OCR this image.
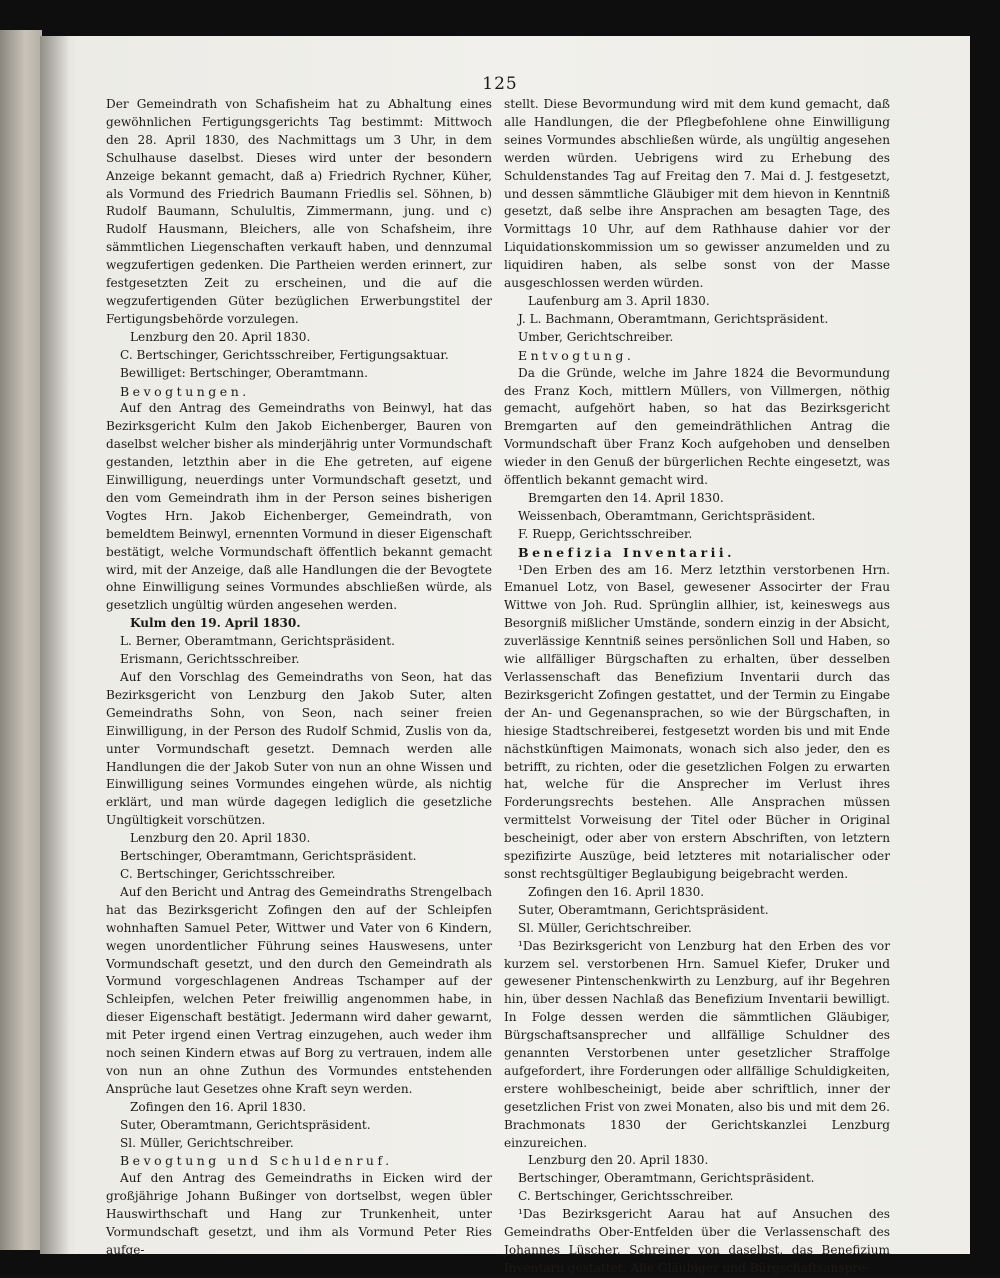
125

Der Gemeindrath von Schafisheim hat zu Abhaltung eines gewöhnlichen Fertigungsgerichts Tag bestimmt: Mittwoch den 28. April 1830, des Nachmittags um 3 Uhr, in dem Schulhause daselbst. Dieses wird unter der besondern Anzeige bekannt gemacht, daß a) Friedrich Rychner, Küher, als Vormund des Friedrich Baumann Friedlis sel. Söhnen, b) Rudolf Baumann, Schulultis, Zimmermann, jung. und c) Rudolf Hausmann, Bleichers, alle von Schafsheim, ihre sämmtlichen Liegenschaften verkauft haben, und dennzumal wegzufertigen gedenken. Die Partheien werden erinnert, zur festgesetzten Zeit zu erscheinen, und die auf die wegzufertigenden Güter bezüglichen Erwerbungstitel der Fertigungsbehörde vorzulegen.

Lenzburg den 20. April 1830.

C. Bertschinger, Gerichtsschreiber, Fertigungsaktuar.

Bewilliget: Bertschinger, Oberamtmann.

Bevogtungen.

Auf den Antrag des Gemeindraths von Beinwyl, hat das Bezirksgericht Kulm den Jakob Eichenberger, Bauren von daselbst welcher bisher als minderjährig unter Vormundschaft gestanden, letzthin aber in die Ehe getreten, auf eigene Einwilligung, neuerdings unter Vormundschaft gesetzt, und den vom Gemeindrath ihm in der Person seines bisherigen Vogtes Hrn. Jakob Eichenberger, Gemeindrath, von bemeldtem Beinwyl, ernennten Vormund in dieser Eigenschaft bestätigt, welche Vormundschaft öffentlich bekannt gemacht wird, mit der Anzeige, daß alle Handlungen die der Bevogtete ohne Einwilligung seines Vormundes abschließen würde, als gesetzlich ungültig würden angesehen werden.

Kulm den 19. April 1830.

L. Berner, Oberamtmann, Gerichtspräsident.

Erismann, Gerichtsschreiber.

Auf den Vorschlag des Gemeindraths von Seon, hat das Bezirksgericht von Lenzburg den Jakob Suter, alten Gemeindraths Sohn, von Seon, nach seiner freien Einwilligung, in der Person des Rudolf Schmid, Zuslis von da, unter Vormundschaft gesetzt. Demnach werden alle Handlungen die der Jakob Suter von nun an ohne Wissen und Einwilligung seines Vormundes eingehen würde, als nichtig erklärt, und man würde dagegen lediglich die gesetzliche Ungültigkeit vorschützen.

Lenzburg den 20. April 1830.

Bertschinger, Oberamtmann, Gerichtspräsident.

C. Bertschinger, Gerichtsschreiber.

Auf den Bericht und Antrag des Gemeindraths Strengelbach hat das Bezirksgericht Zofingen den auf der Schleipfen wohnhaften Samuel Peter, Wittwer und Vater von 6 Kindern, wegen unordentlicher Führung seines Hauswesens, unter Vormundschaft gesetzt, und den durch den Gemeindrath als Vormund vorgeschlagenen Andreas Tschamper auf der Schleipfen, welchen Peter freiwillig angenommen habe, in dieser Eigenschaft bestätigt. Jedermann wird daher gewarnt, mit Peter irgend einen Vertrag einzugehen, auch weder ihm noch seinen Kindern etwas auf Borg zu vertrauen, indem alle von nun an ohne Zuthun des Vormundes entstehenden Ansprüche laut Gesetzes ohne Kraft seyn werden.

Zofingen den 16. April 1830.

Suter, Oberamtmann, Gerichtspräsident.

Sl. Müller, Gerichtschreiber.

Bevogtung und Schuldenruf.

Auf den Antrag des Gemeindraths in Eicken wird der großjährige Johann Bußinger von dortselbst, wegen übler Hauswirthschaft und Hang zur Trunkenheit, unter Vormundschaft gesetzt, und ihm als Vormund Peter Ries aufge-

stellt. Diese Bevormundung wird mit dem kund gemacht, daß alle Handlungen, die der Pflegbefohlene ohne Einwilligung seines Vormundes abschließen würde, als ungültig angesehen werden würden. Uebrigens wird zu Erhebung des Schuldenstandes Tag auf Freitag den 7. Mai d. J. festgesetzt, und dessen sämmtliche Gläubiger mit dem hievon in Kenntniß gesetzt, daß selbe ihre Ansprachen am besagten Tage, des Vormittags 10 Uhr, auf dem Rathhause dahier vor der Liquidationskommission um so gewisser anzumelden und zu liquidiren haben, als selbe sonst von der Masse ausgeschlossen werden würden.

Laufenburg am 3. April 1830.

J. L. Bachmann, Oberamtmann, Gerichtspräsident.

Umber, Gerichtschreiber.

Entvogtung.

Da die Gründe, welche im Jahre 1824 die Bevormundung des Franz Koch, mittlern Müllers, von Villmergen, nöthig gemacht, aufgehört haben, so hat das Bezirksgericht Bremgarten auf den gemeindräthlichen Antrag die Vormundschaft über Franz Koch aufgehoben und denselben wieder in den Genuß der bürgerlichen Rechte eingesetzt, was öffentlich bekannt gemacht wird.

Bremgarten den 14. April 1830.

Weissenbach, Oberamtmann, Gerichtspräsident.

F. Ruepp, Gerichtsschreiber.

Benefizia Inventarii.

¹Den Erben des am 16. Merz letzthin verstorbenen Hrn. Emanuel Lotz, von Basel, gewesener Associrter der Frau Wittwe von Joh. Rud. Sprünglin allhier, ist, keineswegs aus Besorgniß mißlicher Umstände, sondern einzig in der Absicht, zuverlässige Kenntniß seines persönlichen Soll und Haben, so wie allfälliger Bürgschaften zu erhalten, über desselben Verlassenschaft das Benefizium Inventarii durch das Bezirksgericht Zofingen gestattet, und der Termin zu Eingabe der An- und Gegenansprachen, so wie der Bürgschaften, in hiesige Stadtschreiberei, festgesetzt worden bis und mit Ende nächstkünftigen Maimonats, wonach sich also jeder, den es betrifft, zu richten, oder die gesetzlichen Folgen zu erwarten hat, welche für die Ansprecher im Verlust ihres Forderungsrechts bestehen. Alle Ansprachen müssen vermittelst Vorweisung der Titel oder Bücher in Original bescheinigt, oder aber von erstern Abschriften, von letztern spezifizirte Auszüge, beid letzteres mit notarialischer oder sonst rechtsgültiger Beglaubigung beigebracht werden.

Zofingen den 16. April 1830.

Suter, Oberamtmann, Gerichtspräsident.

Sl. Müller, Gerichtschreiber.

¹Das Bezirksgericht von Lenzburg hat den Erben des vor kurzem sel. verstorbenen Hrn. Samuel Kiefer, Druker und gewesener Pintenschenkwirth zu Lenzburg, auf ihr Begehren hin, über dessen Nachlaß das Benefizium Inventarii bewilligt. In Folge dessen werden die sämmtlichen Gläubiger, Bürgschaftsansprecher und allfällige Schuldner des genannten Verstorbenen unter gesetzlicher Straffolge aufgefordert, ihre Forderungen oder allfällige Schuldigkeiten, erstere wohlbescheinigt, beide aber schriftlich, inner der gesetzlichen Frist von zwei Monaten, also bis und mit dem 26. Brachmonats 1830 der Gerichtskanzlei Lenzburg einzureichen.

Lenzburg den 20. April 1830.

Bertschinger, Oberamtmann, Gerichtspräsident.

C. Bertschinger, Gerichtsschreiber.

¹Das Bezirksgericht Aarau hat auf Ansuchen des Gemeindraths Ober-Entfelden über die Verlassenschaft des Johannes Lüscher, Schreiner von daselbst, das Benefizium Inventarii gestattet. Alle Gläubiger und Bürgschaftsanspre-
